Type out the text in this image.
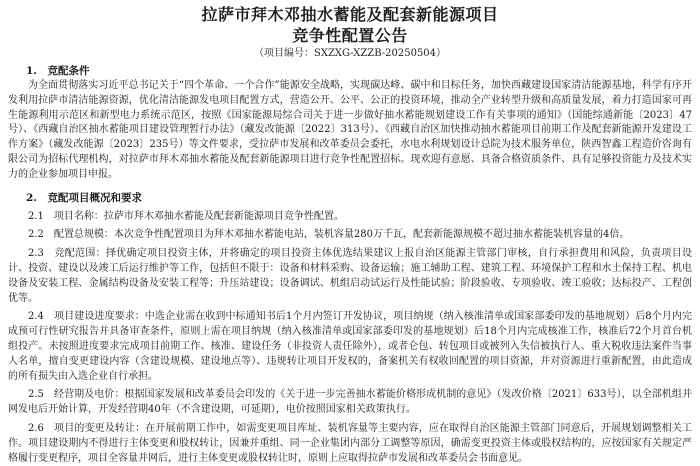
拉萨市拜木邓抽水蓄能及配套新能源项目
竞争性配置公告
（项目编号：SXZXG-XZZB-20250504）
1.　竞配条件

为全面贯彻落实习近平总书记关于“四个革命、一个合作”能源安全战略，实现碳达峰、碳中和目标任务，加快西藏建设国家清洁能源基地，科学有序开发利用拉萨市清洁能源资源，优化清洁能源发电项目配置方式，营造公开、公平、公正的投资环境，推动全产业转型升级和高质量发展，着力打造国家可再生能源利用示范区和新型电力系统示范区，按照《国家能源局综合司关于进一步做好抽水蓄能规划建设工作有关事项的通知》（国能综通新能〔2023〕47号）、《西藏自治区抽水蓄能项目建设管理暂行办法》（藏发改能源〔2022〕313号）、《西藏自治区加快推动抽水蓄能项目前期工作及配套新能源开发建设工作方案》（藏发改能源〔2023〕235号）等文件要求，受拉萨市发展和改革委员会委托，水电水利规划设计总院为技术服务单位，陕西智鑫工程造价咨询有限公司为招标代理机构，对拉萨市拜木邓抽水蓄能及配套新能源项目进行竞争性配置招标。现欢迎有意愿、具备合格资质条件、具有足够投资能力及技术实力的企业参加项目申报。

2.　竞配项目概况和要求

2.1　项目名称：拉萨市拜木邓抽水蓄能及配套新能源项目竞争性配置。

2.2　配置总规模：本次竞争性配置项目为拜木邓抽水蓄能电站，装机容量280万千瓦，配套新能源规模不超过抽水蓄能装机容量的4倍。

2.3　竞配范围：择优确定项目投资主体，并将确定的项目投资主体优选结果建议上报自治区能源主管部门审核，自行承担费用和风险，负责项目设计、投资、建设以及竣工后运行维护等工作，包括但不限于：设备和材料采购、设备运输；施工辅助工程、建筑工程、环境保护工程和水土保持工程、机电设备及安装工程、金属结构设备及安装工程等；升压站建设；设备调试、机组启动试运行及性能试验；阶段验收、专项验收、竣工验收；达标投产、工程创优等。

2.4　项目建设进度要求：中选企业需在收到中标通知书后1个月内签订开发协议，项目纳规（纳入核准清单或国家部委印发的基地规划）后8个月内完成预可行性研究报告并具备审查条件，原则上需在项目纳规（纳入核准清单或国家部委印发的基地规划）后18个月内完成核准工作，核准后72个月首台机组投产。未按照进度要求完成项目前期工作、核准、建设任务（非投资人责任除外），或者仑包、转包项目或被列入失信被执行人、重大税收违法案件当事人名单，擅自变更建设内容（含建设规模、建设地点等）、违规转让项目开发权的，备案机关有权收回配置的项目资源，并对资源进行重新配置，由此造成的所有损失由入选企业自行承担。

2.5　经营期及电价：根据国家发展和改革委员会印发的《关于进一步完善抽水蓄能价格形成机制的意见》（发改价格〔2021〕633号），以全部机组并网发电后开始计算，开发经营期40年（不含建设期，可延期），电价按照国家相关政策执行。

2.6　项目的变更及转让：在开展前期工作中，如需变更项目库址、装机容量等主要内容，应在取得自治区能源主管部门同意后，开展规划调整相关工作。项目建设期内不得进行主体变更和股权转让，因兼并重组、同一企业集团内部分工调整等原因，确需变更投资主体或股权结构的，应按国家有关规定严格履行变更程序，项目全容量并网后，进行主体变更或股权转让时，原则上应取得拉萨市发展和改革委员会书面意见。
